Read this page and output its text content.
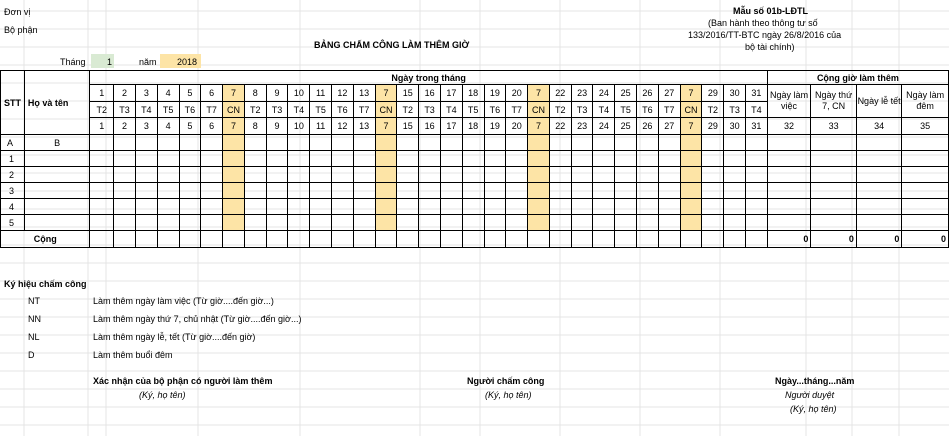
Đơn vị
Bộ phận
Mẫu số 01b-LĐTL
(Ban hành theo thông tư số
133/2016/TT-BTC ngày 26/8/2016 của
bộ tài chính)
BẢNG CHẤM CÔNG LÀM THÊM GIỜ
Tháng 1	năm 2018
STT	Họ và tên	Ngày trong tháng																															Cộng giờ làm thêm			
		1	2	3	4	5	6	7	8	9	10	11	12	13	7	15	16	17	18	19	20	7	22	23	24	25	26	27	7	29	30	31	Ngày làm việc	Ngày thứ 7, CN	Ngày lễ tết	Ngày làm đêm
		T2	T3	T4	T5	T6	T7	CN	T2	T3	T4	T5	T6	T7	CN	T2	T3	T4	T5	T6	T7	CN	T2	T3	T4	T5	T6	T7	CN	T2	T3	T4				
		1	2	3	4	5	6	7	8	9	10	11	12	13	7	15	16	17	18	19	20	7	22	23	24	25	26	27	7	29	30	31	32	33	34	35
A	B																																			
1																																				
2																																				
3																																				
4																																				
5																																				
Cộng																																	0	0	0	0
Ký hiệu chấm công
NT	Làm thêm ngày làm việc (Từ giờ....đến giờ...)
NN	Làm thêm ngày thứ 7, chủ nhật (Từ giờ....đến giờ...)
NL	Làm thêm ngày lễ, tết (Từ giờ....đến giờ)
D	Làm thêm buổi đêm
Xác nhận của bộ phận có người làm thêm
(Ký, họ tên)
Người chấm công
(Ký, họ tên)
Ngày...tháng...năm
Người duyệt
(Ký, họ tên)
